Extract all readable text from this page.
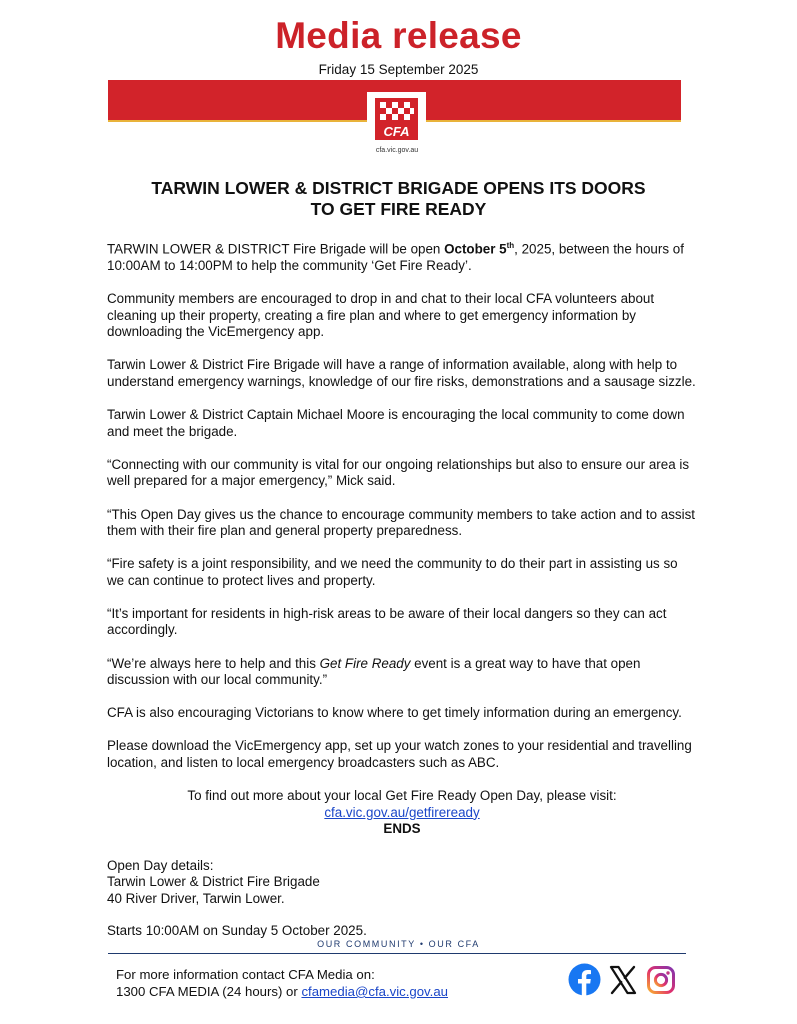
Media release
Friday 15 September 2025
CFA
cfa.vic.gov.au
TARWIN LOWER & DISTRICT BRIGADE OPENS ITS DOORS
TO GET FIRE READY

TARWIN LOWER & DISTRICT Fire Brigade will be open October 5th, 2025, between the hours of 10:00AM to 14:00PM to help the community ‘Get Fire Ready’.

Community members are encouraged to drop in and chat to their local CFA volunteers about cleaning up their property, creating a fire plan and where to get emergency information by downloading the VicEmergency app.

Tarwin Lower & District Fire Brigade will have a range of information available, along with help to understand emergency warnings, knowledge of our fire risks, demonstrations and a sausage sizzle.

Tarwin Lower & District Captain Michael Moore is encouraging the local community to come down and meet the brigade.

“Connecting with our community is vital for our ongoing relationships but also to ensure our area is well prepared for a major emergency,” Mick said.

“This Open Day gives us the chance to encourage community members to take action and to assist them with their fire plan and general property preparedness.

“Fire safety is a joint responsibility, and we need the community to do their part in assisting us so we can continue to protect lives and property.

“It’s important for residents in high-risk areas to be aware of their local dangers so they can act accordingly.

“We’re always here to help and this Get Fire Ready event is a great way to have that open discussion with our local community.”

CFA is also encouraging Victorians to know where to get timely information during an emergency.

Please download the VicEmergency app, set up your watch zones to your residential and travelling location, and listen to local emergency broadcasters such as ABC.

To find out more about your local Get Fire Ready Open Day, please visit:
cfa.vic.gov.au/getfireready
ENDS

Open Day details:
Tarwin Lower & District Fire Brigade
40 River Driver, Tarwin Lower.

Starts 10:00AM on Sunday 5 October 2025.

OUR COMMUNITY • OUR CFA
For more information contact CFA Media on:
1300 CFA MEDIA (24 hours) or cfamedia@cfa.vic.gov.au
